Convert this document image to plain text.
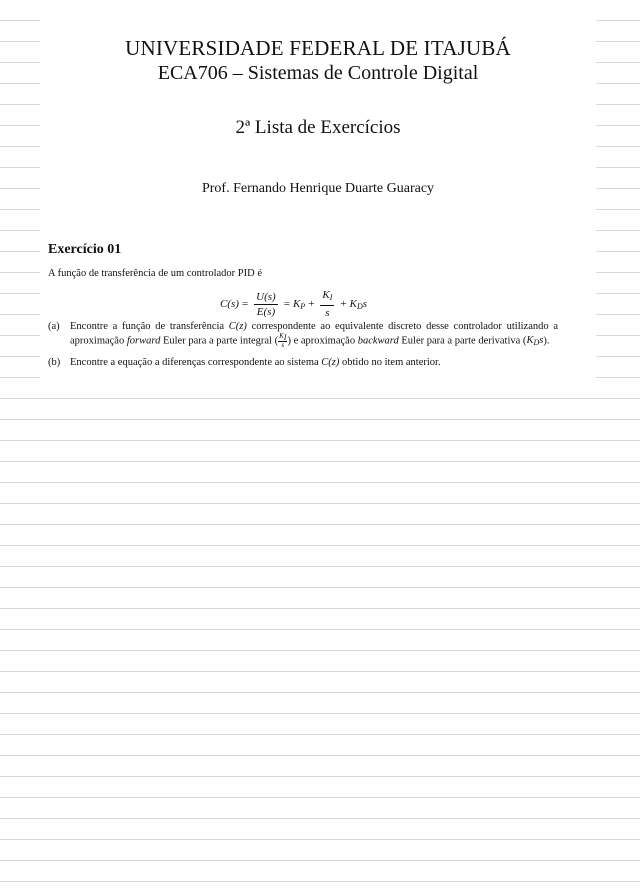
UNIVERSIDADE FEDERAL DE ITAJUBÁ
ECA706 – Sistemas de Controle Digital
2ª Lista de Exercícios
Prof. Fernando Henrique Duarte Guaracy
Exercício 01
A função de transferência de um controlador PID é
$C(s) = \frac{U(s)}{E(s)} = K_P + \frac{K_I}{s} + K_Ds$
(a) Encontre a função de transferência C(z) correspondente ao equivalente discreto desse controlador utilizando a aproximação forward Euler para a parte integral ( $\frac{K_I}{s}$ ) e aproximação backward Euler para a parte derivativa $(K_Ds)$.
(b) Encontre a equação a diferenças correspondente ao sistema C(z) obtido no item anterior.
